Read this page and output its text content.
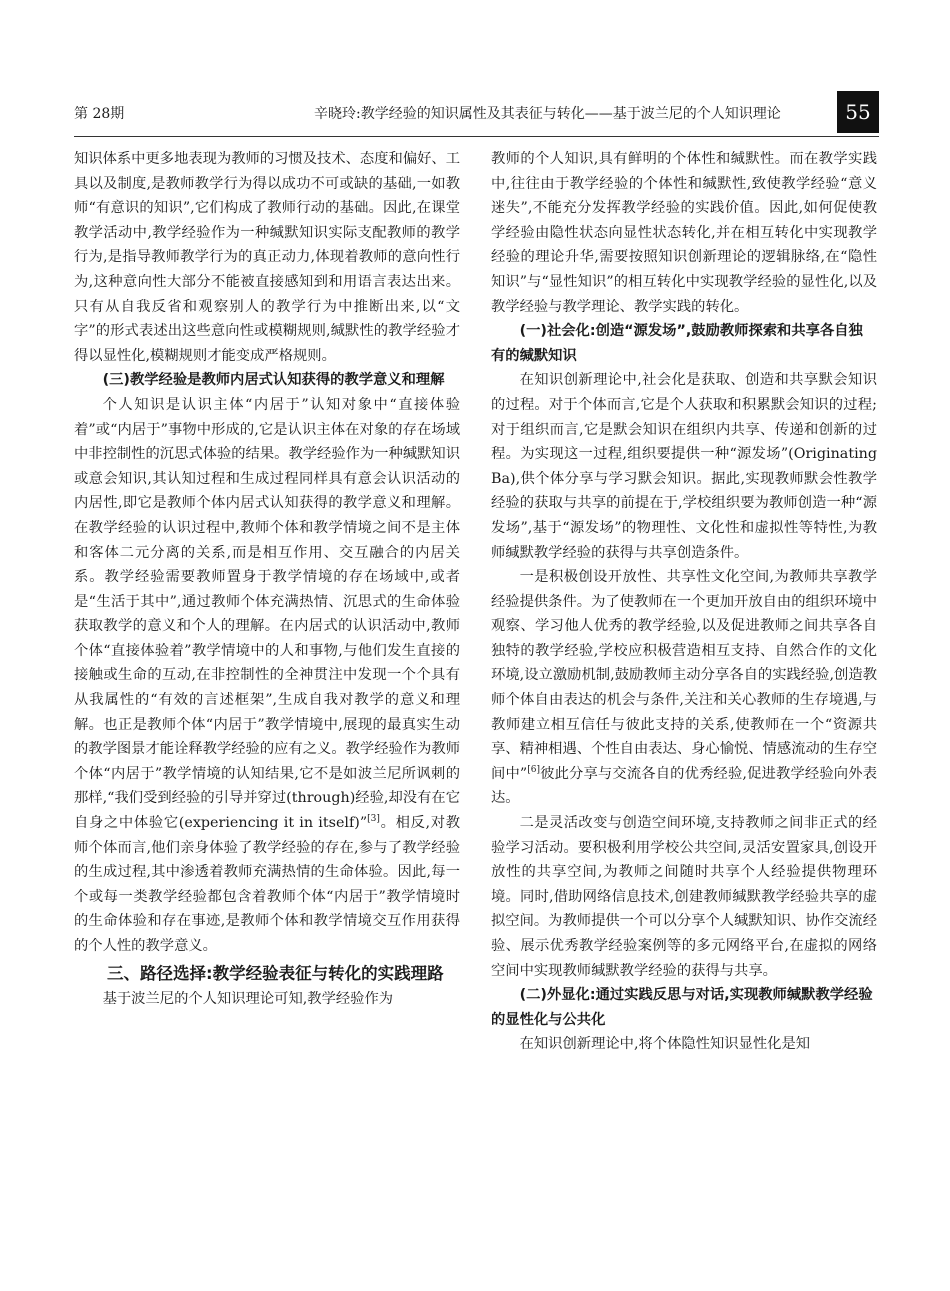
第 28期	辛晓玲:教学经验的知识属性及其表征与转化——基于波兰尼的个人知识理论	55

知识体系中更多地表现为教师的习惯及技术、态度和偏好、工具以及制度,是教师教学行为得以成功不可或缺的基础,一如教师“有意识的知识”,它们构成了教师行动的基础。因此,在课堂教学活动中,教学经验作为一种缄默知识实际支配教师的教学行为,是指导教师教学行为的真正动力,体现着教师的意向性行为,这种意向性大部分不能被直接感知到和用语言表达出来。只有从自我反省和观察别人的教学行为中推断出来,以“文字”的形式表述出这些意向性或模糊规则,缄默性的教学经验才得以显性化,模糊规则才能变成严格规则。

(三)教学经验是教师内居式认知获得的教学意义和理解

个人知识是认识主体“内居于”认知对象中“直接体验着”或“内居于”事物中形成的,它是认识主体在对象的存在场域中非控制性的沉思式体验的结果。教学经验作为一种缄默知识或意会知识,其认知过程和生成过程同样具有意会认识活动的内居性,即它是教师个体内居式认知获得的教学意义和理解。在教学经验的认识过程中,教师个体和教学情境之间不是主体和客体二元分离的关系,而是相互作用、交互融合的内居关系。教学经验需要教师置身于教学情境的存在场域中,或者是“生活于其中”,通过教师个体充满热情、沉思式的生命体验获取教学的意义和个人的理解。在内居式的认识活动中,教师个体“直接体验着”教学情境中的人和事物,与他们发生直接的接触或生命的互动,在非控制性的全神贯注中发现一个个具有从我属性的“有效的言述框架”,生成自我对教学的意义和理解。也正是教师个体“内居于”教学情境中,展现的最真实生动的教学图景才能诠释教学经验的应有之义。教学经验作为教师个体“内居于”教学情境的认知结果,它不是如波兰尼所讽刺的那样,“我们受到经验的引导并穿过(through)经验,却没有在它自身之中体验它(experiencing it in itself)”[3]。相反,对教师个体而言,他们亲身体验了教学经验的存在,参与了教学经验的生成过程,其中渗透着教师充满热情的生命体验。因此,每一个或每一类教学经验都包含着教师个体“内居于”教学情境时的生命体验和存在事迹,是教师个体和教学情境交互作用获得的个人性的教学意义。

三、路径选择:教学经验表征与转化的实践理路

基于波兰尼的个人知识理论可知,教学经验作为

教师的个人知识,具有鲜明的个体性和缄默性。而在教学实践中,往往由于教学经验的个体性和缄默性,致使教学经验“意义迷失”,不能充分发挥教学经验的实践价值。因此,如何促使教学经验由隐性状态向显性状态转化,并在相互转化中实现教学经验的理论升华,需要按照知识创新理论的逻辑脉络,在“隐性知识”与“显性知识”的相互转化中实现教学经验的显性化,以及教学经验与教学理论、教学实践的转化。

(一)社会化:创造“源发场”,鼓励教师探索和共享各自独有的缄默知识

在知识创新理论中,社会化是获取、创造和共享默会知识的过程。对于个体而言,它是个人获取和积累默会知识的过程;对于组织而言,它是默会知识在组织内共享、传递和创新的过程。为实现这一过程,组织要提供一种“源发场”(Originating Ba),供个体分享与学习默会知识。据此,实现教师默会性教学经验的获取与共享的前提在于,学校组织要为教师创造一种“源发场”,基于“源发场”的物理性、文化性和虚拟性等特性,为教师缄默教学经验的获得与共享创造条件。

一是积极创设开放性、共享性文化空间,为教师共享教学经验提供条件。为了使教师在一个更加开放自由的组织环境中观察、学习他人优秀的教学经验,以及促进教师之间共享各自独特的教学经验,学校应积极营造相互支持、自然合作的文化环境,设立激励机制,鼓励教师主动分享各自的实践经验,创造教师个体自由表达的机会与条件,关注和关心教师的生存境遇,与教师建立相互信任与彼此支持的关系,使教师在一个“资源共享、精神相遇、个性自由表达、身心愉悦、情感流动的生存空间中”[6]彼此分享与交流各自的优秀经验,促进教学经验向外表达。

二是灵活改变与创造空间环境,支持教师之间非正式的经验学习活动。要积极利用学校公共空间,灵活安置家具,创设开放性的共享空间,为教师之间随时共享个人经验提供物理环境。同时,借助网络信息技术,创建教师缄默教学经验共享的虚拟空间。为教师提供一个可以分享个人缄默知识、协作交流经验、展示优秀教学经验案例等的多元网络平台,在虚拟的网络空间中实现教师缄默教学经验的获得与共享。

(二)外显化:通过实践反思与对话,实现教师缄默教学经验的显性化与公共化

在知识创新理论中,将个体隐性知识显性化是知
